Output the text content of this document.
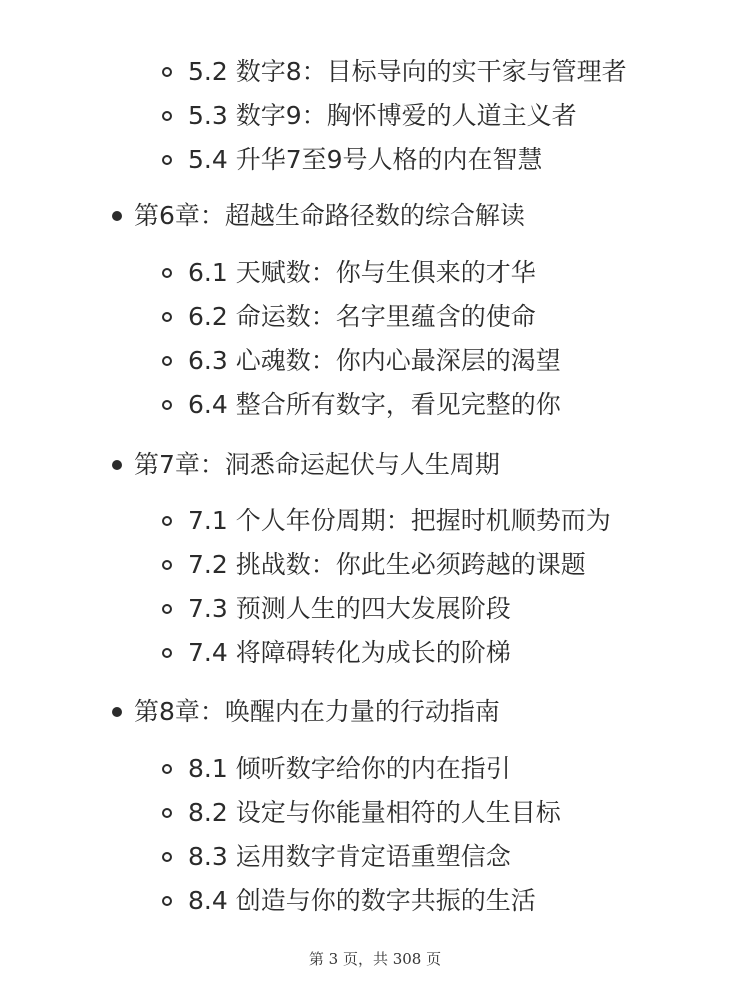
5.2 数字8：目标导向的实干家与管理者
5.3 数字9：胸怀博爱的人道主义者
5.4 升华7至9号人格的内在智慧
第6章：超越生命路径数的综合解读
6.1 天赋数：你与生俱来的才华
6.2 命运数：名字里蕴含的使命
6.3 心魂数：你内心最深层的渴望
6.4 整合所有数字，看见完整的你
第7章：洞悉命运起伏与人生周期
7.1 个人年份周期：把握时机顺势而为
7.2 挑战数：你此生必须跨越的课题
7.3 预测人生的四大发展阶段
7.4 将障碍转化为成长的阶梯
第8章：唤醒内在力量的行动指南
8.1 倾听数字给你的内在指引
8.2 设定与你能量相符的人生目标
8.3 运用数字肯定语重塑信念
8.4 创造与你的数字共振的生活
第 3 页，共 308 页
